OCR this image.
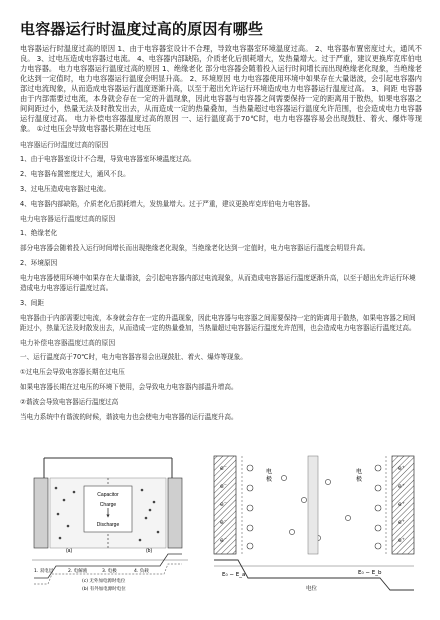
电容器运行时温度过高的原因有哪些

电容器运行时温度过高的原因 1、由于电容器室设计不合理，导致电容器室环境温度过高。 2、电容器布置密度过大，通风不良。 3、过电压造成电容器过电流。 4、电容器内部缺陷，介质老化后损耗增大，发热量增大。过于严重，建议更换库克库伯电力电容器。 电力电容器运行温度过高的原因 1、绝缘老化 部分电容器会随着投入运行时间增长而出现绝缘老化现象，当绝缘老化达到一定值时，电力电容器运行温度会明显升高。 2、环境原因 电力电容器使用环境中如果存在大量谐波，会引起电容器内部过电流现象，从而造成电容器运行温度逐渐升高，以至于超出允许运行环境造成电力电容器运行温度过高。 3、间距 电容器由于内部需要过电流，本身就会存在一定的升温现象，因此电容器与电容器之间需要保持一定的距离用于散热，如果电容器之间间距过小，热量无法及时散发出去，从而造成一定的热量叠加，当热量超过电容器运行温度允许范围，也会造成电力电容器运行温度过高。 电力补偿电容器温度过高的原因 一、运行温度高于70℃时，电力电容器容易会出现鼓肚、着火、爆炸等现象。 ①过电压会导致电容器长期在过电压

电容器运行时温度过高的原因

1、由于电容器室设计不合理，导致电容器室环境温度过高。

2、电容器布置密度过大，通风不良。

3、过电压造成电容器过电流。

4、电容器内部缺陷，介质老化后损耗增大，发热量增大。过于严重，建议更换库克库伯电力电容器。

电力电容器运行温度过高的原因

1、绝缘老化

部分电容器会随着投入运行时间增长而出现绝缘老化现象，当绝缘老化达到一定值时，电力电容器运行温度会明显升高。

2、环境原因

电力电容器使用环境中如果存在大量谐波，会引起电容器内部过电流现象，从而造成电容器运行温度逐渐升高，以至于超出允许运行环境造成电力电容器运行温度过高。

3、间距

电容器由于内部需要过电流，本身就会存在一定的升温现象，因此电容器与电容器之间需要保持一定的距离用于散热，如果电容器之间间距过小，热量无法及时散发出去，从而造成一定的热量叠加，当热量超过电容器运行温度允许范围，也会造成电力电容器运行温度过高。

电力补偿电容器温度过高的原因

一、运行温度高于70℃时，电力电容器容易会出现鼓肚、着火、爆炸等现象。

①过电压会导致电容器长期在过电压

如果电容器长期在过电压的环境下使用，会导致电力电容器内部温升增高。

②谐波会导致电容器运行温度过高

当电力系统中有谐波的时候，谐波电力也会使电力电容器的运行温度升高。

Capacitor
Charge
Discharge
(a)	(b)
1. 双电层	2. 电解液	3. 电极	4. 负载
(c) 无外加电源时电位
(b) 有外加电源时电位
e⁻
e⁻
e⁻
e⁻
e⁻
e⁺
e⁺
e⁺
e⁺
e⁺
电 极	电 极
E₀ − E_a
电位
E₀ − E_b
